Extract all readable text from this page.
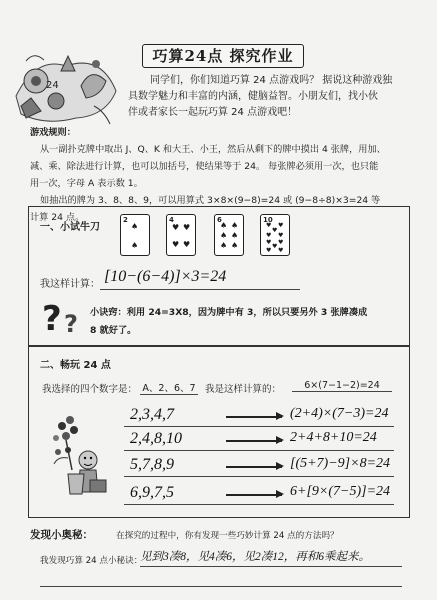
24
巧算24点 探究作业
同学们，你们知道巧算 24 点游戏吗？ 据说这种游戏独
具数学魅力和丰富的内涵，健脑益智。小朋友们，找小伙
伴或者家长一起玩巧算 24 点游戏吧！
游戏规则：
从一副扑克牌中取出 J、Q、K 和大王、小王，然后从剩下的牌中摸出 4 张牌，用加、
减、乘、除法进行计算，也可以加括号，使结果等于 24。 每张牌必须用一次，也只能
用一次，字母 A 表示数 1。
如抽出的牌为 3、8、8、9，可以用算式 3×8×(9−8)=24 或 (9−8÷8)×3=24 等
计算 24 点。
一、小试牛刀
2
♠
♠
4
♥ ♥
♥ ♥
6
♠ ♠
♠ ♠
♠ ♠
10
♥ ♥
♥
♥ ♥
♥ ♥
♥
♥ ♥
我这样计算： [10−(6−4)]×3=24
? ? 小诀窍：利用 24=3X8，因为牌中有 3，所以只要另外 3 张牌凑成
8 就好了。
二、畅玩 24 点
我选择的四个数字是： A、2、6、7 我是这样计算的：	6×(7−1−2)=24
2,3,4,7	(2+4)×(7−3)=24
2,4,8,10	2+4+8+10=24
5,7,8,9	[(5+7)−9]×8=24
6,9,7,5	6+[9×(7−5)]=24
发现小奥秘：	在探究的过程中，你有发现一些巧妙计算 24 点的方法吗？
我发现巧算 24 点小秘诀：
见到3凑8，见4凑6，见2凑12，再和6乘起来。
